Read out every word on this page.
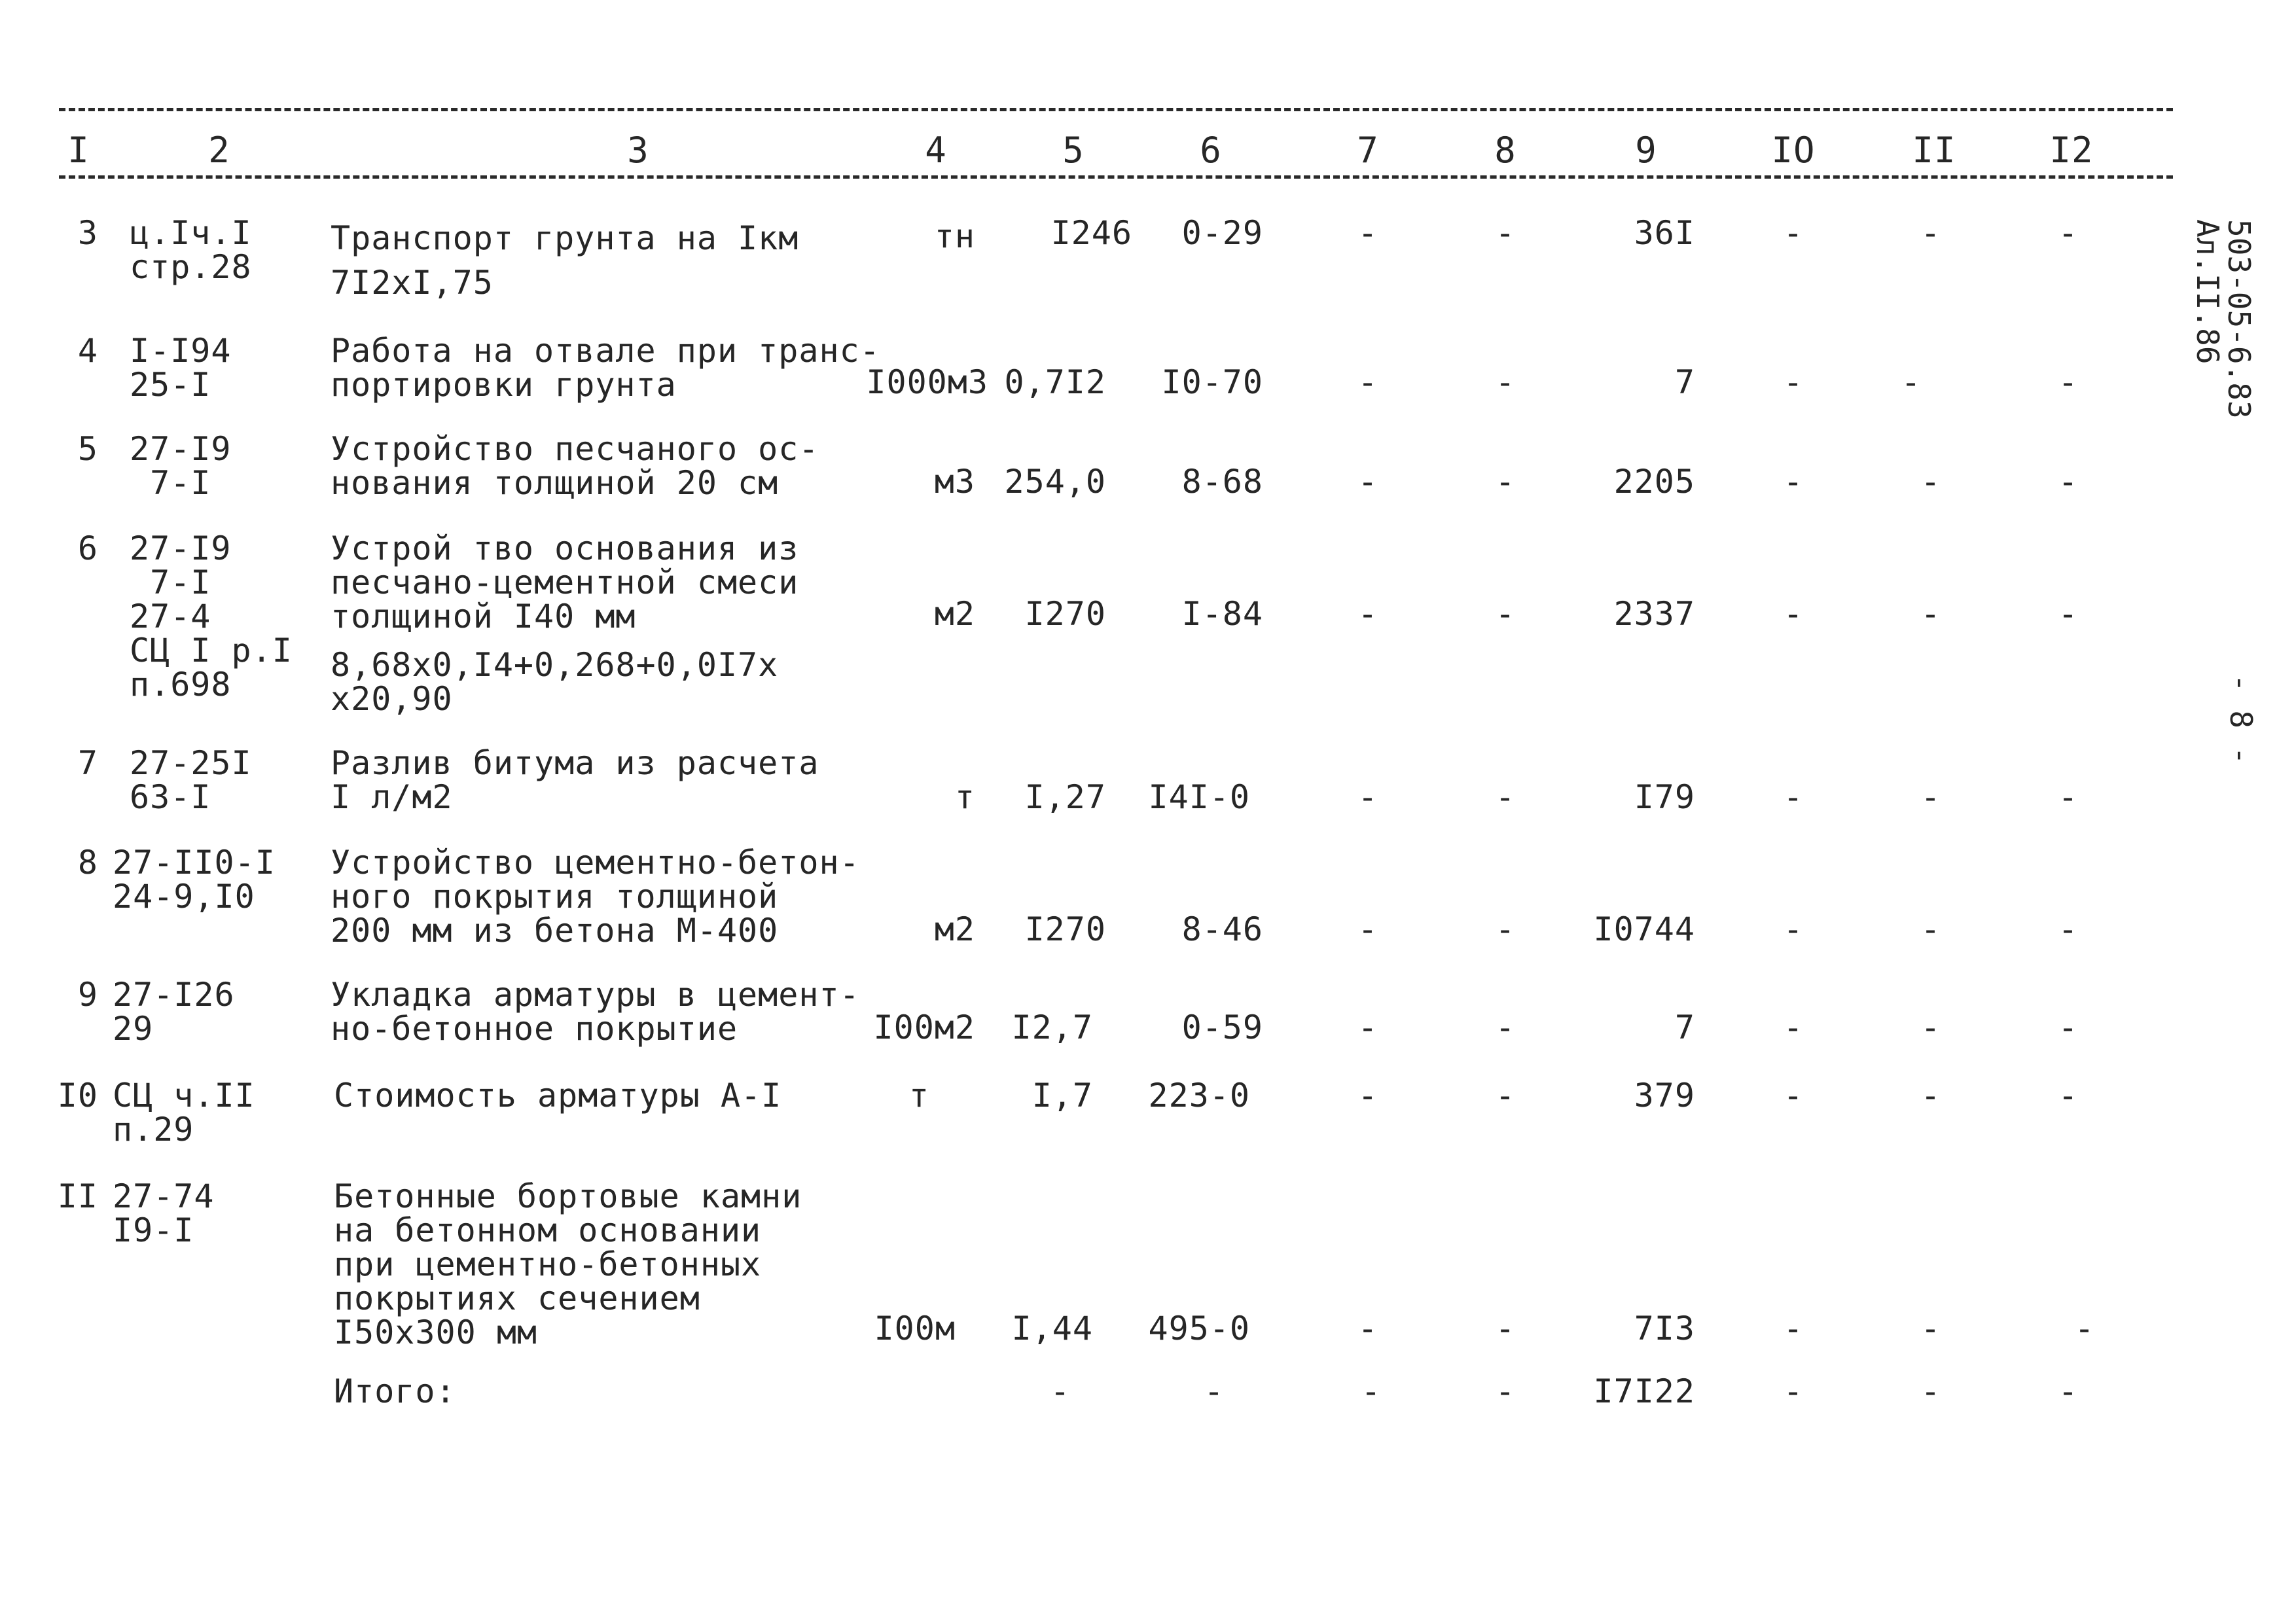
I	2	3	4	5	6	7	8	9	IO	II	I2
3 ц.Iч.I
стр.28
Транспорт грунта на Iкм
7I2xI,75
тн	I246	0-29	-	-	36I	-	-	-
4 I-I94
25-I
Работа на отвале при транс-
портировки грунта	I000м3 0,7I2	I0-70	-	-	7	-	-	-
5 27-I9
7-I
Устройство песчаного ос-
нования толщиной 20 см	м3 254,0	8-68	-	-	2205	-	-	-
6 27-I9
7-I
27-4
СЦ I р.I
п.698
Устрой тво основания из
песчано-цементной смеси
толщиной I40 мм
8,68x0,I4+0,268+0,0I7x
x20,90
м2	I270	I-84	-	-	2337	-	-	-
7 27-25I
63-I
Разлив битума из расчета
I л/м2	т	I,27	I4I-0	-	-	I79	-	-	-
8 27-II0-I
24-9,I0
Устройство цементно-бетон-
ного покрытия толщиной
200 мм из бетона М-400	м2	I270	8-46	-	-	I0744	-	-	-
9 27-I26
29
Укладка арматуры в цемент-
но-бетонное покрытие	I00м2	I2,7	0-59	-	-	7	-	-	-
I0 СЦ ч.II
п.29
Стоимость арматуры А-I	т	I,7	223-0	-	-	379	-	-	-
II 27-74
I9-I
Бетонные бортовые камни
на бетонном основании
при цементно-бетонных
покрытиях сечением
I50x300 мм	I00м	I,44	495-0	-	-	7I3	-	-	-
Итого:	-	-	-	-	I7I22	-	-	-
503-05-6.83
Ал.II.86
- 8 -
